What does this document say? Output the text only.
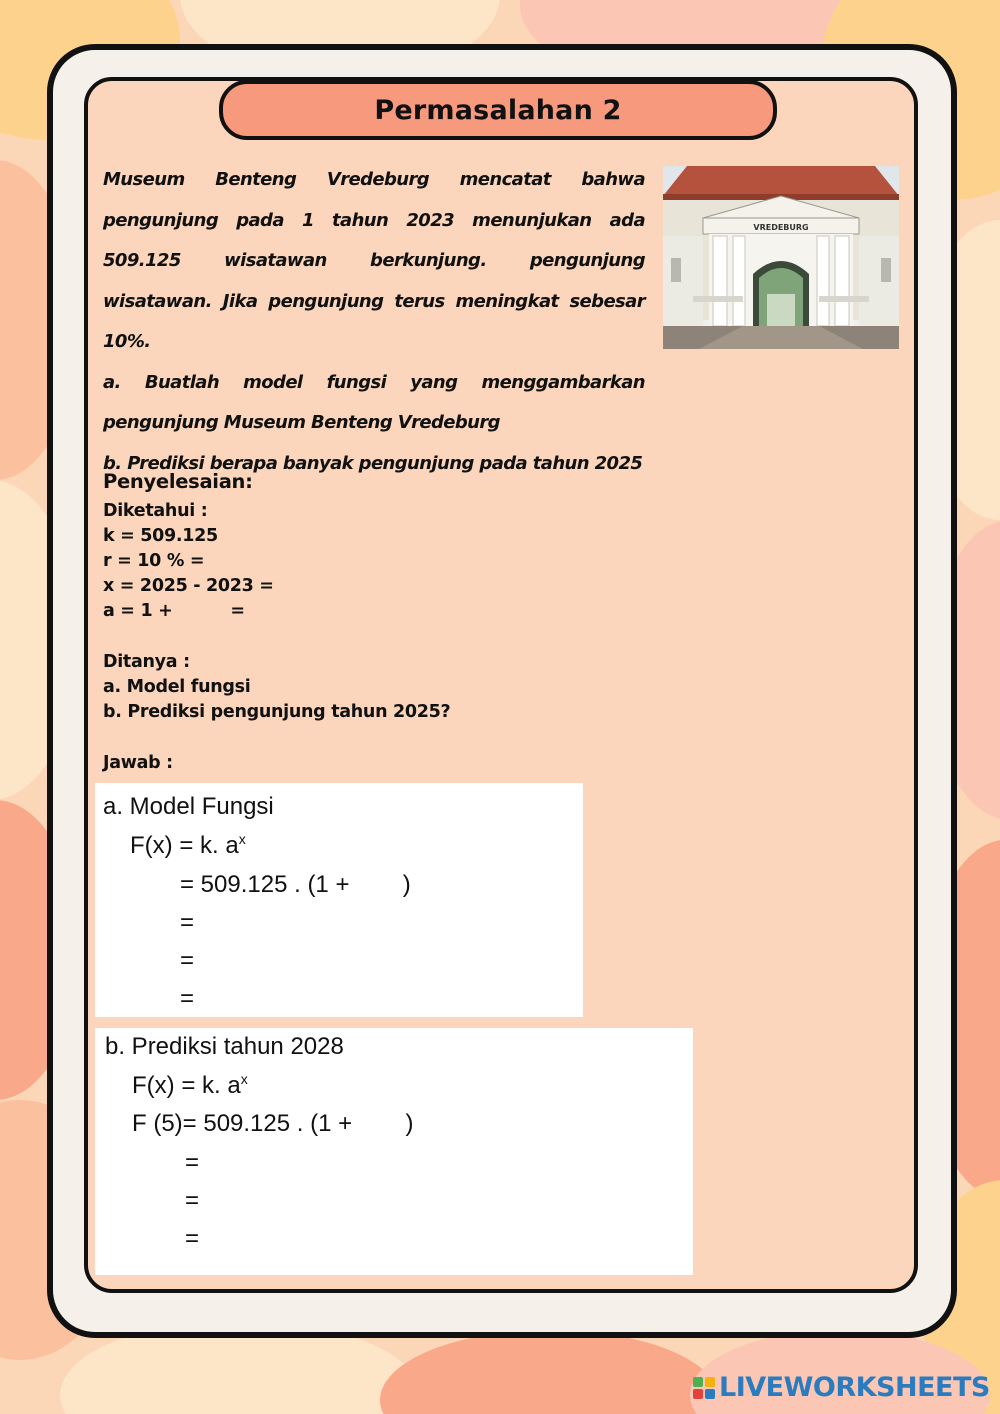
Permasalahan 2

Museum Benteng Vredeburg mencatat bahwa pengunjung pada 1 tahun 2023 menunjukan ada 509.125 wisatawan berkunjung. pengunjung wisatawan. Jika pengunjung terus meningkat sebesar 10%.

a. Buatlah model fungsi yang menggambarkan pengunjung Museum Benteng Vredeburg

b. Prediksi berapa banyak pengunjung pada tahun 2025

VREDEBURG
Penyelesaian:
Diketahui :
k = 509.125
r = 10 % =
x = 2025 - 2023 =
a = 1 +          =
Ditanya :
a. Model fungsi
b. Prediksi pengunjung tahun 2025?
Jawab :
a. Model Fungsi
F(x) = k. $a^x$
= 509.125 . (1 +        )
=
=
=
b. Prediksi tahun 2028
F(x) = k. $a^x$
F (5)= 509.125 . (1 +        )
=
=
=
LIVEWORKSHEETS
